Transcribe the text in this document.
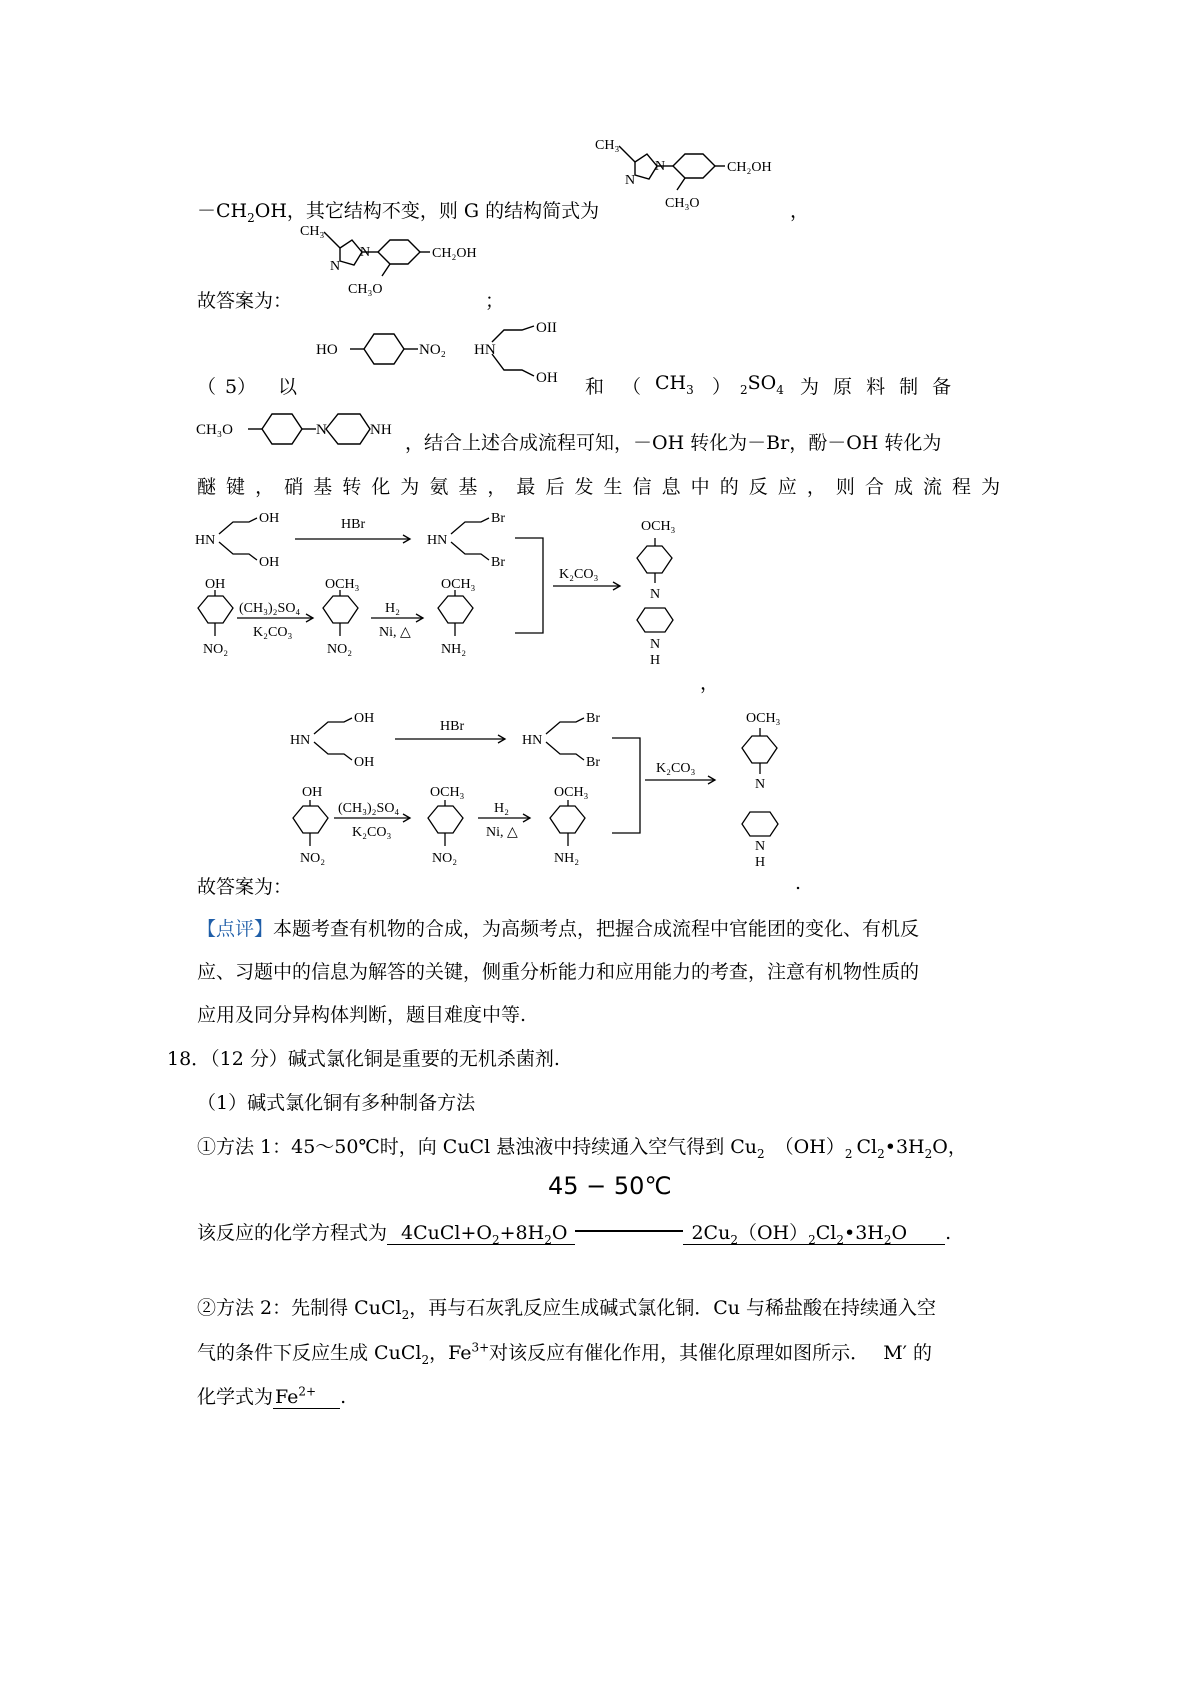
CH₃
N
N	CH₂OH
CH₃O
$-CH_2OH$，其它结构不变，则 G 的结构简式为	，
CH₃
N
N	CH₂OH
CH₃O
故答案为：	；
HO	NO₂ HN
OII
OH
（ 5） 以	和 （ $CH_3$ ） $_2SO_4$ 为 原 料 制 备
CH₃O	N	NH
，结合上述合成流程可知，－OH 转化为－Br，酚－OH 转化为
醚 键 ， 硝 基 转 化 为 氨 基 ， 最 后 发 生 信 息 中 的 反 应 ， 则 合 成 流 程 为
HN
OH
OH
HBr
HN
Br
Br
K₂CO₃
OH
NO₂
(CH₃)₂SO₄
K₂CO₃
OCH₃
NO₂
H₂
Ni, △
OCH₃
NH₂
OCH₃
N
N
H
，
HN
OH
OH
HBr
HN
Br
Br	K₂CO₃
OH
NO₂
(CH₃)₂SO₄
K₂CO₃
OCH₃
NO₂
H₂
Ni, △
OCH₃
NH₂
OCH₃
N
N
H
故答案为：	.
【点评】本题考查有机物的合成，为高频考点，把握合成流程中官能团的变化、有机反
应、习题中的信息为解答的关键，侧重分析能力和应用能力的考查，注意有机物性质的
应用及同分异构体判断，题目难度中等.
18．（12 分）碱式氯化铜是重要的无机杀菌剂.
（1）碱式氯化铜有多种制备方法
①方法 1：45～50℃时，向 CuCl 悬浊液中持续通入空气得到 $Cu_2$ $(OH)_2$ $Cl_2•3H_2O$，
45 − 50℃
该反应的化学方程式为 $4CuCl+O_2+8H_2O$	$2Cu_2(OH)_2Cl_2•3H_2O$ .
②方法 2：先制得 CuCl$_2$，再与石灰乳反应生成碱式氯化铜．Cu 与稀盐酸在持续通入空
气的条件下反应生成 CuCl$_2$，$Fe^{3+}$对该反应有催化作用，其催化原理如图所示． M′ 的
化学式为 $Fe^{2+}$ .
